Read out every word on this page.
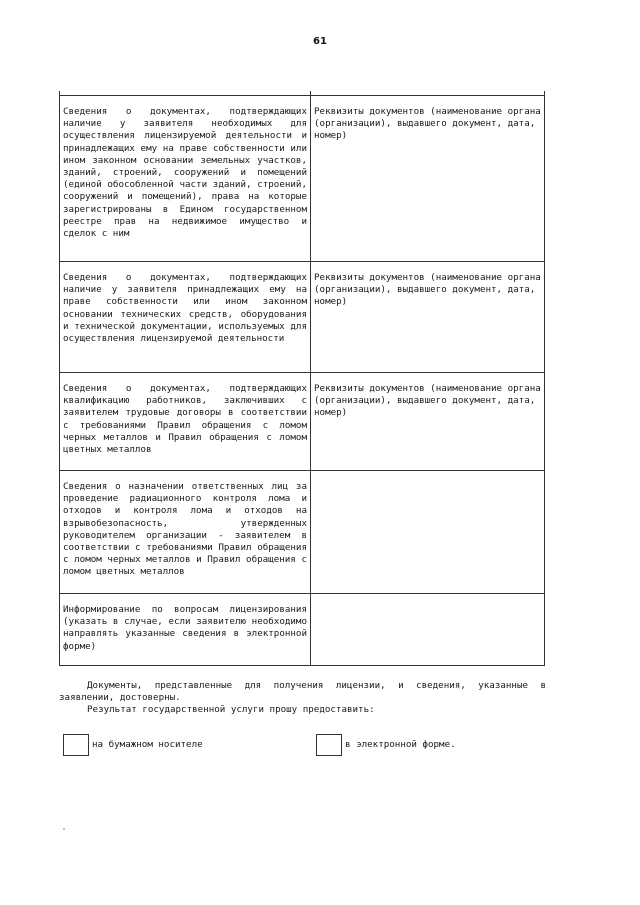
61

Сведения о документах, подтверждающих наличие у заявителя необходимых для осуществления лицензируемой деятельности и принадлежащих ему на праве собственности или ином законном основании земельных участков, зданий, строений, сооружений и помещений (единой обособленной части зданий, строений, сооружений и помещений), права на которые зарегистрированы в Едином государственном реестре прав на недвижимое имущество и сделок с ним	Реквизиты документов (наименование органа (организации), выдавшего документ, дата, номер)
Сведения о документах, подтверждающих наличие у заявителя принадлежащих ему на праве собственности или ином законном основании технических средств, оборудования и технической документации, используемых для осуществления лицензируемой деятельности	Реквизиты документов (наименование органа (организации), выдавшего документ, дата, номер)
Сведения о документах, подтверждающих квалификацию работников, заключивших с заявителем трудовые договоры в соответствии с требованиями Правил обращения с ломом черных металлов и Правил обращения с ломом цветных металлов	Реквизиты документов (наименование органа (организации), выдавшего документ, дата, номер)
Сведения о назначении ответственных лиц за проведение радиационного контроля лома и отходов и контроля лома и отходов на взрывобезопасность, утвержденных руководителем организации - заявителем в соответствии с требованиями Правил обращения с ломом черных металлов и Правил обращения с ломом цветных металлов	
Информирование по вопросам лицензирования (указать в случае, если заявителю необходимо направлять указанные сведения в электронной форме)	
Документы, представленные для получения лицензии, и сведения, указанные в заявлении, достоверны.
Результат государственной услуги прошу предоставить:
на бумажном носителе	в электронной форме.
